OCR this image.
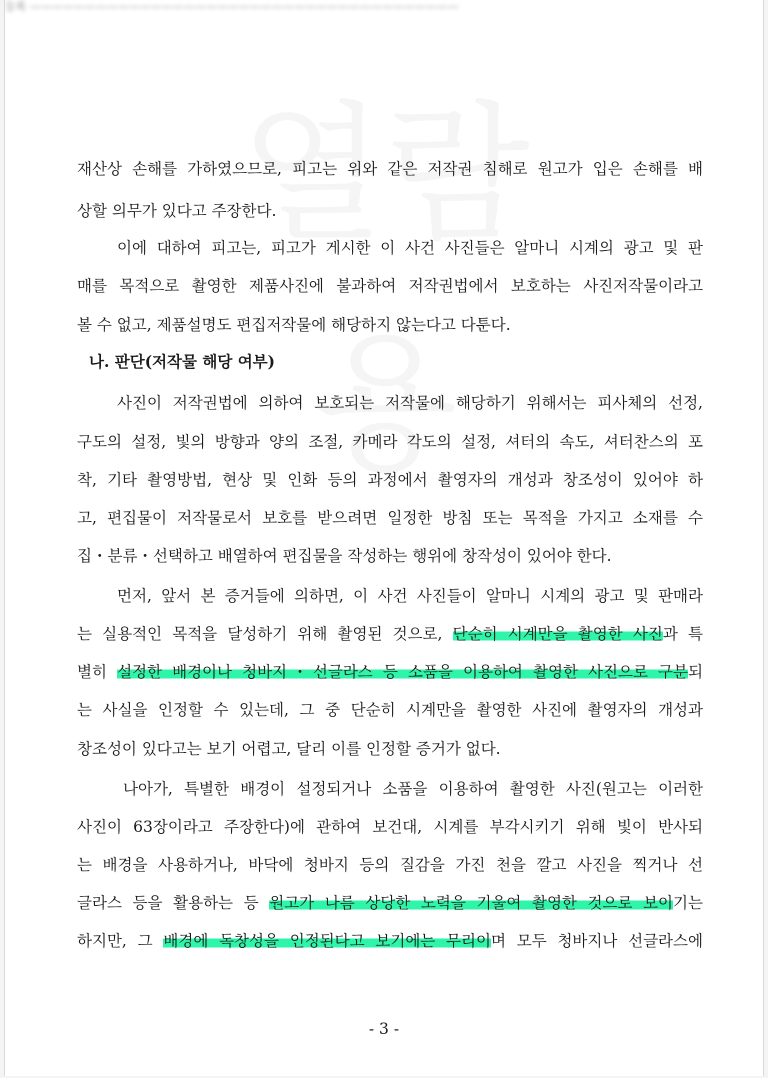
등록 ———————————————————————————————————————
재산상 손해를 가하였으므로, 피고는 위와 같은 저작권 침해로 원고가 입은 손해를 배
상할 의무가 있다고 주장한다.
이에 대하여 피고는, 피고가 게시한 이 사건 사진들은 알마니 시계의 광고 및 판
매를 목적으로 촬영한 제품사진에 불과하여 저작권법에서 보호하는 사진저작물이라고
볼 수 없고, 제품설명도 편집저작물에 해당하지 않는다고 다툰다.
나. 판단(저작물 해당 여부)
사진이 저작권법에 의하여 보호되는 저작물에 해당하기 위해서는 피사체의 선정,
구도의 설정, 빛의 방향과 양의 조절, 카메라 각도의 설정, 셔터의 속도, 셔터찬스의 포
착, 기타 촬영방법, 현상 및 인화 등의 과정에서 촬영자의 개성과 창조성이 있어야 하
고, 편집물이 저작물로서 보호를 받으려면 일정한 방침 또는 목적을 가지고 소재를 수
집・분류・선택하고 배열하여 편집물을 작성하는 행위에 창작성이 있어야 한다.
먼저, 앞서 본 증거들에 의하면, 이 사건 사진들이 알마니 시계의 광고 및 판매라
는 실용적인 목적을 달성하기 위해 촬영된 것으로, 단순히 시계만을 촬영한 사진과 특
별히 설정한 배경이나 청바지・선글라스 등 소품을 이용하여 촬영한 사진으로 구분되
는 사실을 인정할 수 있는데, 그 중 단순히 시계만을 촬영한 사진에 촬영자의 개성과
창조성이 있다고는 보기 어렵고, 달리 이를 인정할 증거가 없다.
나아가, 특별한 배경이 설정되거나 소품을 이용하여 촬영한 사진(원고는 이러한
사진이 63장이라고 주장한다)에 관하여 보건대, 시계를 부각시키기 위해 빛이 반사되
는 배경을 사용하거나, 바닥에 청바지 등의 질감을 가진 천을 깔고 사진을 찍거나 선
글라스 등을 활용하는 등 원고가 나름 상당한 노력을 기울여 촬영한 것으로 보이기는
하지만, 그 배경에 독창성을 인정된다고 보기에는 무리이며 모두 청바지나 선글라스에
- 3 -
